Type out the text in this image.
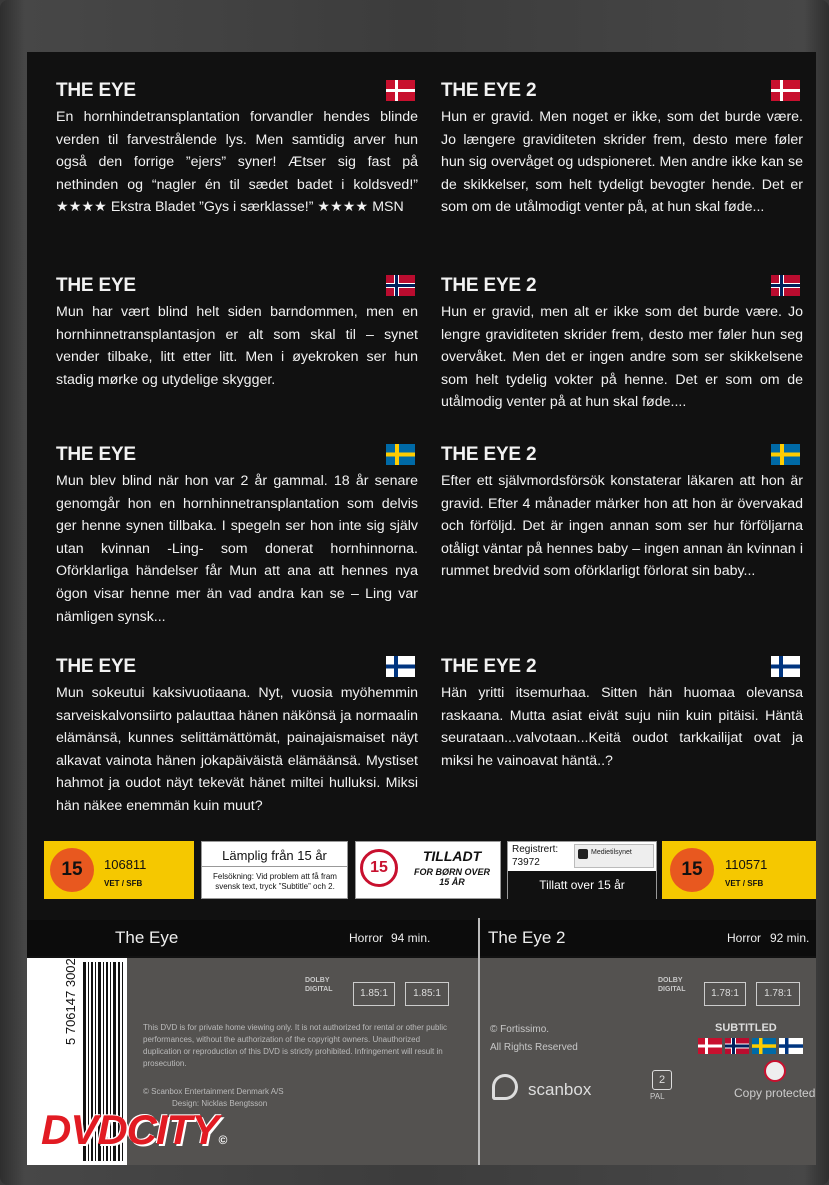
THE EYE

En hornhindetransplantation forvandler hendes blinde verden til farvestrålende lys. Men samtidig arver hun også den forrige ”ejers” syner! Ætser sig fast på nethinden og “nagler én til sædet badet i koldsved!” ★★★★ Ekstra Bladet ”Gys i særklasse!” ★★★★ MSN

THE EYE 2

Hun er gravid. Men noget er ikke, som det burde være. Jo længere graviditeten skrider frem, desto mere føler hun sig overvåget og udspioneret. Men andre ikke kan se de skikkelser, som helt tydeligt bevogter hende. Det er som om de utålmodigt venter på, at hun skal føde...

THE EYE

Mun har vært blind helt siden barndommen, men en hornhinnetransplantasjon er alt som skal til – synet vender tilbake, litt etter litt. Men i øyekroken ser hun stadig mørke og utydelige skygger.

THE EYE 2

Hun er gravid, men alt er ikke som det burde være. Jo lengre graviditeten skrider frem, desto mer føler hun seg overvåket. Men det er ingen andre som ser skikkelsene som helt tydelig vokter på henne. Det er som om de utålmodig venter på at hun skal føde....

THE EYE

Mun blev blind när hon var 2 år gammal. 18 år senare genomgår hon en hornhinnetransplantation som delvis ger henne synen tillbaka. I spegeln ser hon inte sig själv utan kvinnan -Ling- som donerat hornhinnorna. Oförklarliga händelser får Mun att ana att hennes nya ögon visar henne mer än vad andra kan se – Ling var nämligen synsk...

THE EYE 2

Efter ett självmordsförsök konstaterar läkaren att hon är gravid. Efter 4 månader märker hon att hon är övervakad och förföljd. Det är ingen annan som ser hur förföljarna otåligt väntar på hennes baby – ingen annan än kvinnan i rummet bredvid som oförklarligt förlorat sin baby...

THE EYE

Mun sokeutui kaksivuotiaana. Nyt, vuosia myöhemmin sarveiskalvonsiirto palauttaa hänen näkönsä ja normaalin elämänsä, kunnes selittämättömät, painajaismaiset näyt alkavat vainota hänen jokapäiväistä elämäänsä. Mystiset hahmot ja oudot näyt tekevät hänet miltei hulluksi. Miksi hän näkee enemmän kuin muut?

THE EYE 2

Hän yritti itsemurhaa. Sitten hän huomaa olevansa raskaana. Mutta asiat eivät suju niin kuin pitäisi. Häntä seurataan...valvotaan...Keitä oudot tarkkailijat ovat ja miksi he vainoavat häntä..?

15	106811
VET / SFB
Lämplig från 15 år
Felsökning: Vid problem att få fram svensk text, tryck ”Subtitle” och 2.
15
TILLADT
FOR BØRN OVER 15 ÅR
Registrert:
73972
Medietilsynet
Tillatt over 15 år
15	110571
VET / SFB
The Eye	Horror 94 min.	The Eye 2	Horror 92 min.
5 706147 3002
DVDCITY©
DOLBY DIGITAL	1.85:1	1.85:1
This DVD is for private home viewing only. It is not authorized for rental or other public performances, without the authorization of the copyright owners. Unauthorized duplication or reproduction of this DVD is strictly prohibited. Infringement will result in prosecution.
© Scanbox Entertainment Denmark A/S
Design: Nicklas Bengtsson
DOLBY DIGITAL	1.78:1	1.78:1
© Fortissimo.
All Rights Reserved
SUBTITLED
scanbox	2
PAL	Copy protected
